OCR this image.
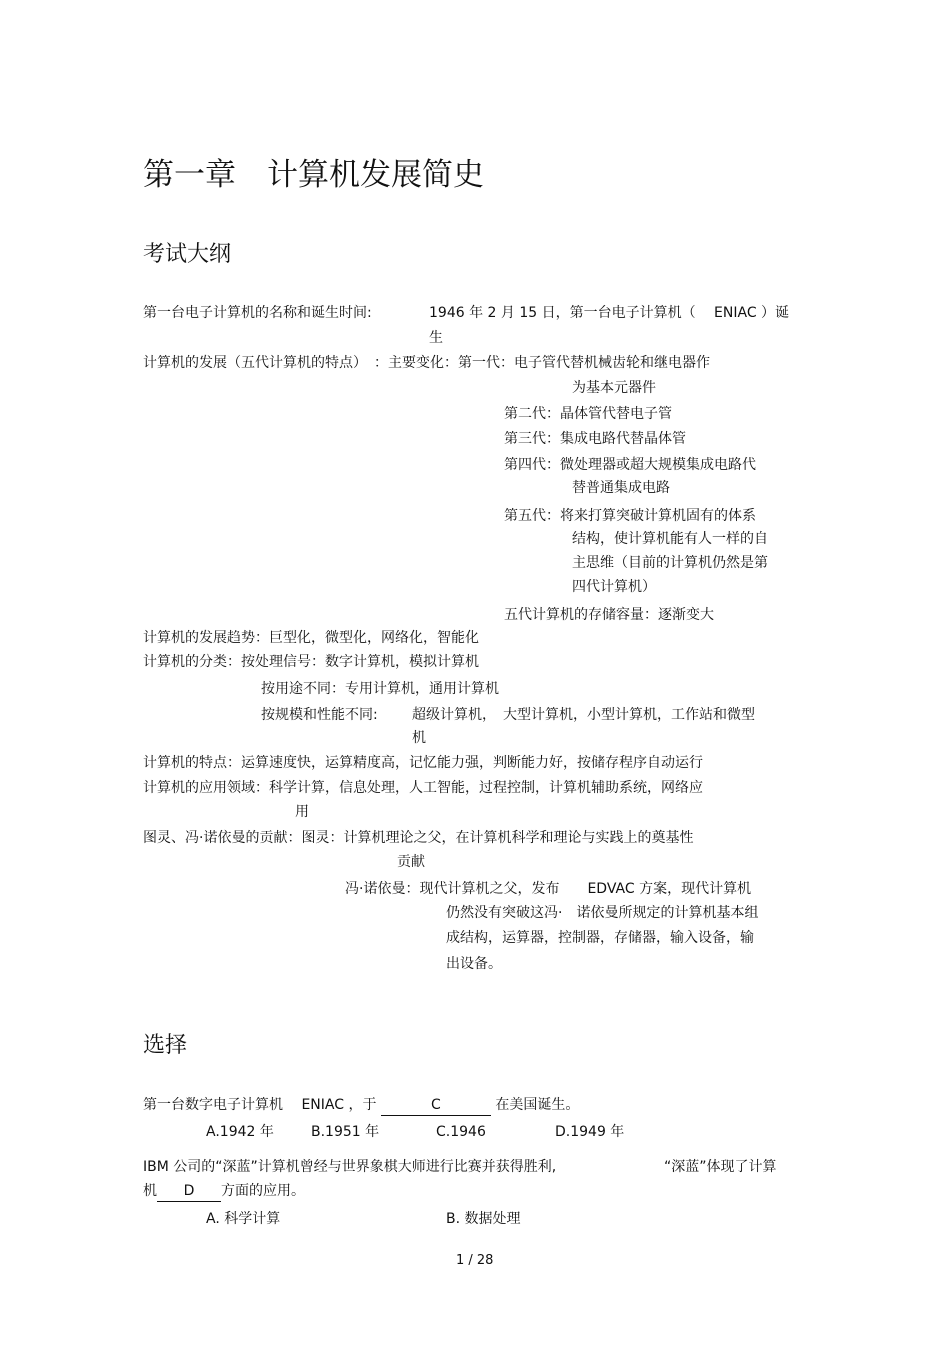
第一章　计算机发展简史
考试大纲
第一台电子计算机的名称和诞生时间:	1946 年 2 月 15 日，第一台电子计算机（　 ENIAC ）诞
生
计算机的发展（五代计算机的特点）　：主要变化：第一代：电子管代替机械齿轮和继电器作
为基本元器件
第二代：晶体管代替电子管
第三代：集成电路代替晶体管
第四代：微处理器或超大规模集成电路代
替普通集成电路
第五代：将来打算突破计算机固有的体系
结构，使计算机能有人一样的自
主思维（目前的计算机仍然是第
四代计算机）
五代计算机的存储容量：逐渐变大
计算机的发展趋势：巨型化，微型化，网络化，智能化
计算机的分类：按处理信号：数字计算机，模拟计算机
按用途不同：专用计算机，通用计算机
按规模和性能不同: 超级计算机，　大型计算机，小型计算机，工作站和微型
机
计算机的特点：运算速度快，运算精度高，记忆能力强，判断能力好，按储存程序自动运行
计算机的应用领域：科学计算，信息处理，人工智能，过程控制，计算机辅助系统，网络应
用
图灵、冯·诺依曼的贡献：图灵：计算机理论之父，在计算机科学和理论与实践上的奠基性
贡献
冯·诺依曼：现代计算机之父，发布　　EDVAC 方案，现代计算机
仍然没有突破这冯·　诺依曼所规定的计算机基本组
成结构，运算器，控制器，存储器，输入设备，输
出设备。
选择
第一台数字电子计算机　 ENIAC ，于	C	在美国诞生。
A.1942 年	B.1951 年	C.1946	D.1949 年
IBM 公司的“深蓝”计算机曾经与世界象棋大师进行比赛并获得胜利,	“深蓝”体现了计算
机 D 方面的应用。
A. 科学计算	B. 数据处理
1 / 28
